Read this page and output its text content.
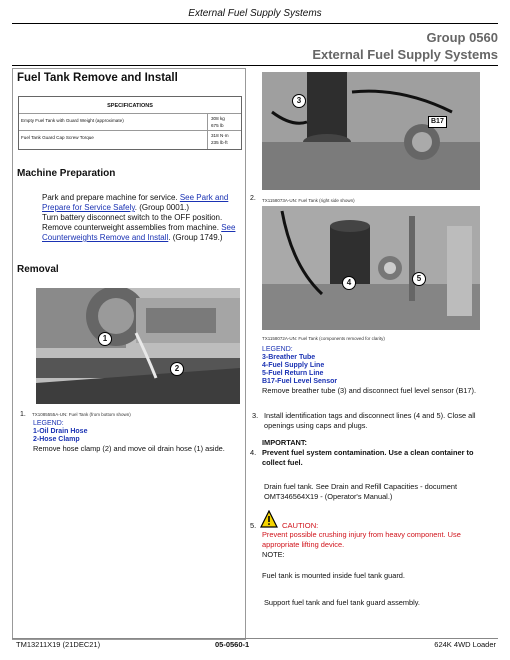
External Fuel Supply Systems
Group 0560
External Fuel Supply Systems
Fuel Tank Remove and Install
SPECIFICATIONS
Empty Fuel Tank with Guard Weight (approximate)	308 kg
675 lb
Fuel Tank Guard Cap Screw Torque	318 N·m
235 lb·ft
Machine Preparation
Park and prepare machine for service. See Park and Prepare for Service Safely. (Group 0001.)
Turn battery disconnect switch to the OFF position.
Remove counterweight assemblies from machine. See Counterweights Remove and Install. (Group 1749.)
Removal
1
2
1. TX1085555A-UN: Fuel Tank (from bottom shown)
LEGEND:
1-Oil Drain Hose
2-Hose Clamp
Remove hose clamp (2) and move oil drain hose (1) aside.
3
B17
2. TX1158073A-UN: Fuel Tank (right side shown)
4	5
TX1158072A-UN: Fuel Tank (components removed for clarity)
LEGEND:
3-Breather Tube
4-Fuel Supply Line
5-Fuel Return Line
B17-Fuel Level Sensor
Remove breather tube (3) and disconnect fuel level sensor (B17).
3. Install identification tags and disconnect lines (4 and 5). Close all openings using caps and plugs.
IMPORTANT:
4. Prevent fuel system contamination. Use a clean container to collect fuel.
Drain fuel tank. See Drain and Refill Capacities - document OMT346564X19 - (Operator's Manual.)
5.	CAUTION:
Prevent possible crushing injury from heavy component. Use appropriate lifting device.
NOTE:
Fuel tank is mounted inside fuel tank guard.
Support fuel tank and fuel tank guard assembly.
TM13211X19 (21DEC21)	05-0560-1	624K 4WD Loader
